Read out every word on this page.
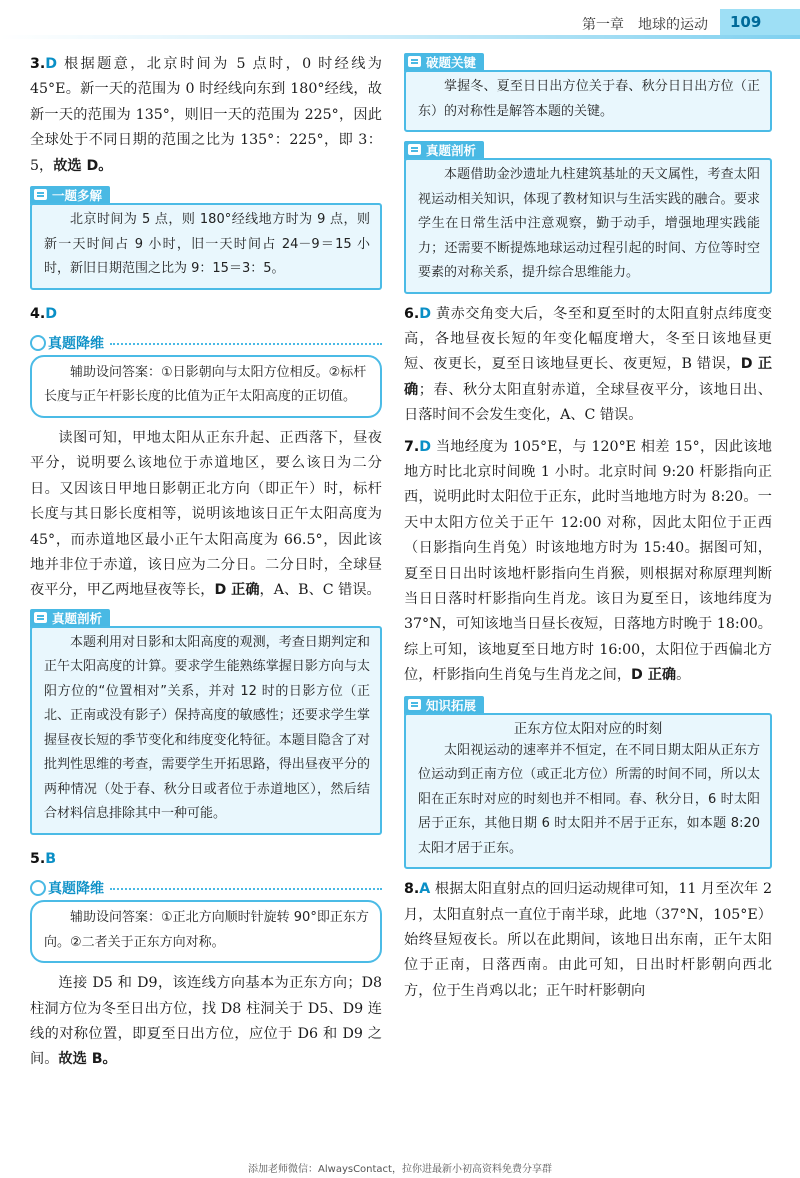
第一章 地球的运动	109

3.D 根据题意，北京时间为 5 点时，0 时经线为 45°E。新一天的范围为 0 时经线向东到 180°经线，故新一天的范围为 135°，则旧一天的范围为 225°，因此全球处于不同日期的范围之比为 135°：225°，即 3：5，故选 D。

一题多解

北京时间为 5 点，则 180°经线地方时为 9 点，则新一天时间占 9 小时，旧一天时间占 24－9＝15 小时，新旧日期范围之比为 9：15＝3：5。

4.D

真题降维

辅助设问答案：①日影朝向与太阳方位相反。②标杆长度与正午杆影长度的比值为正午太阳高度的正切值。

读图可知，甲地太阳从正东升起、正西落下，昼夜平分，说明要么该地位于赤道地区，要么该日为二分日。又因该日甲地日影朝正北方向（即正午）时，标杆长度与其日影长度相等，说明该地该日正午太阳高度为 45°，而赤道地区最小正午太阳高度为 66.5°，因此该地并非位于赤道，该日应为二分日。二分日时，全球昼夜平分，甲乙两地昼夜等长，D 正确，A、B、C 错误。

真题剖析

本题利用对日影和太阳高度的观测，考查日期判定和正午太阳高度的计算。要求学生能熟练掌握日影方向与太阳方位的“位置相对”关系，并对 12 时的日影方位（正北、正南或没有影子）保持高度的敏感性；还要求学生掌握昼夜长短的季节变化和纬度变化特征。本题目隐含了对批判性思维的考查，需要学生开拓思路，得出昼夜平分的两种情况（处于春、秋分日或者位于赤道地区），然后结合材料信息排除其中一种可能。

5.B

真题降维

辅助设问答案：①正北方向顺时针旋转 90°即正东方向。②二者关于正东方向对称。

连接 D5 和 D9，该连线方向基本为正东方向；D8 柱洞方位为冬至日出方位，找 D8 柱洞关于 D5、D9 连线的对称位置，即夏至日出方位，应位于 D6 和 D9 之间。故选 B。

破题关键

掌握冬、夏至日日出方位关于春、秋分日日出方位（正东）的对称性是解答本题的关键。

真题剖析

本题借助金沙遗址九柱建筑基址的天文属性，考查太阳视运动相关知识，体现了教材知识与生活实践的融合。要求学生在日常生活中注意观察，勤于动手，增强地理实践能力；还需要不断提炼地球运动过程引起的时间、方位等时空要素的对称关系，提升综合思维能力。

6.D 黄赤交角变大后，冬至和夏至时的太阳直射点纬度变高，各地昼夜长短的年变化幅度增大，冬至日该地昼更短、夜更长，夏至日该地昼更长、夜更短，B 错误，D 正确；春、秋分太阳直射赤道，全球昼夜平分，该地日出、日落时间不会发生变化，A、C 错误。

7.D 当地经度为 105°E，与 120°E 相差 15°，因此该地地方时比北京时间晚 1 小时。北京时间 9:20 杆影指向正西，说明此时太阳位于正东，此时当地地方时为 8:20。一天中太阳方位关于正午 12:00 对称，因此太阳位于正西（日影指向生肖兔）时该地地方时为 15:40。据图可知，夏至日日出时该地杆影指向生肖猴，则根据对称原理判断当日日落时杆影指向生肖龙。该日为夏至日，该地纬度为 37°N，可知该地当日昼长夜短，日落地方时晚于 18:00。综上可知，该地夏至日地方时 16:00，太阳位于西偏北方位，杆影指向生肖兔与生肖龙之间，D 正确。

知识拓展
正东方位太阳对应的时刻

太阳视运动的速率并不恒定，在不同日期太阳从正东方位运动到正南方位（或正北方位）所需的时间不同，所以太阳在正东时对应的时刻也并不相同。春、秋分日，6 时太阳居于正东，其他日期 6 时太阳并不居于正东，如本题 8:20 太阳才居于正东。

8.A 根据太阳直射点的回归运动规律可知，11 月至次年 2 月，太阳直射点一直位于南半球，此地（37°N，105°E）始终昼短夜长。所以在此期间，该地日出东南，正午太阳位于正南，日落西南。由此可知，日出时杆影朝向西北方，位于生肖鸡以北；正午时杆影朝向

添加老师微信：AlwaysContact，拉你进最新小初高资料免费分享群
